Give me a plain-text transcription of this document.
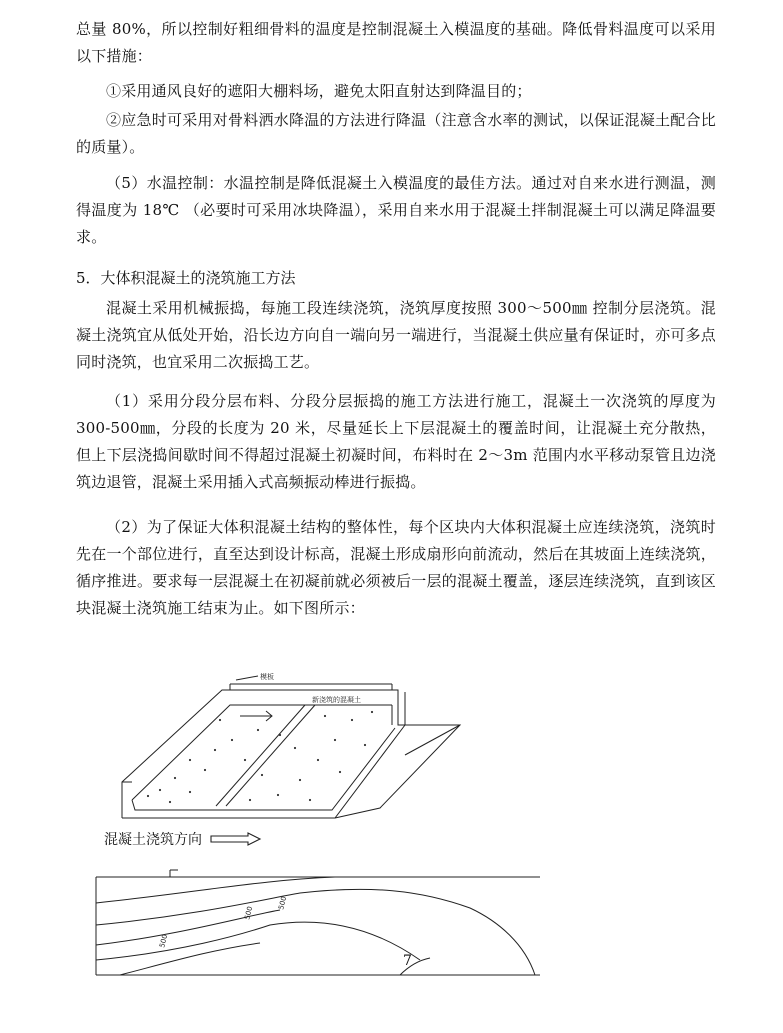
总量 80%，所以控制好粗细骨料的温度是控制混凝土入模温度的基础。降低骨料温度可以采用以下措施：

①采用通风良好的遮阳大棚料场，避免太阳直射达到降温目的；

②应急时可采用对骨料洒水降温的方法进行降温（注意含水率的测试，以保证混凝土配合比的质量）。

（5）水温控制：水温控制是降低混凝土入模温度的最佳方法。通过对自来水进行测温，测得温度为 18℃ （必要时可采用冰块降温），采用自来水用于混凝土拌制混凝土可以满足降温要求。

5．大体积混凝土的浇筑施工方法

混凝土采用机械振捣，每施工段连续浇筑，浇筑厚度按照 300～500㎜ 控制分层浇筑。混凝土浇筑宜从低处开始，沿长边方向自一端向另一端进行，当混凝土供应量有保证时，亦可多点同时浇筑，也宜采用二次振捣工艺。

（1）采用分段分层布料、分段分层振捣的施工方法进行施工，混凝土一次浇筑的厚度为 300-500㎜，分段的长度为 20 米，尽量延长上下层混凝土的覆盖时间，让混凝土充分散热，但上下层浇捣间歇时间不得超过混凝土初凝时间，布料时在 2～3m 范围内水平移动泵管且边浇筑边退管，混凝土采用插入式高频振动棒进行振捣。

（2）为了保证大体积混凝土结构的整体性，每个区块内大体积混凝土应连续浇筑，浇筑时先在一个部位进行，直至达到设计标高，混凝土形成扇形向前流动，然后在其坡面上连续浇筑，循序推进。要求每一层混凝土在初凝前就必须被后一层的混凝土覆盖，逐层连续浇筑，直到该区块混凝土浇筑施工结束为止。如下图所示：

模板
新浇筑的混凝土
500
500
500
混凝土浇筑方向
7
